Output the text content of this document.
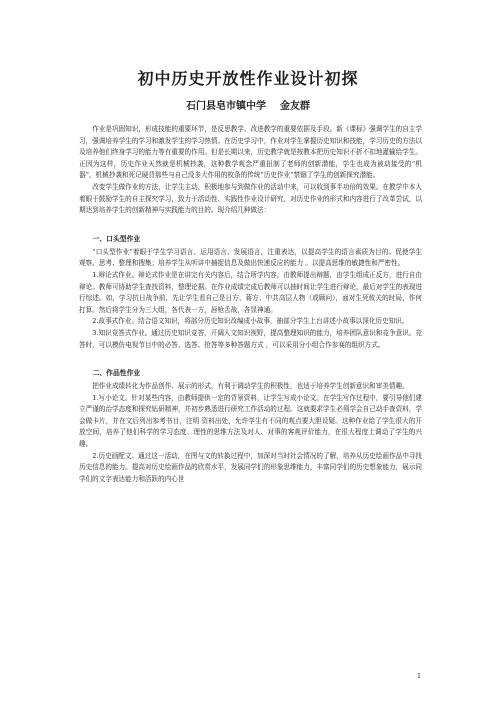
初中历史开放性作业设计初探
石门县皂市镇中学 金友群

作业是巩固知识，形成技能的重要环节，是反思教学、改进教学的重要依据及手段。新《课标》强调学生的自主学习，强调培养学生的学习和激发学生的学习热情。在历史学习中，作业对学生掌握历史知识和技能，学习历史的方法以及培养他们终身学习的能力等有重要的作用。但是长期以来，历史教学就是按教本把历史知识不折不扣地灌输给学生。正因为这样，历史作业天然就是机械抄袭，这种教学观念严重扭制了老师的创新潜能，学生也成为被动接受的“机器”，机械抄袭和死记硬背那些与自己没多大作用的枚条的传统“历史作业”禁锢了学生的创新探究潜能。

改变学生做作业的方法，让学生主动，积极地参与到做作业的活动中来，可以收到事半功倍的效果。在教学中本人着眼于鼓励学生的自主探究学习，致力于活动性、实践性作业设计研究，对历史作业的形式和内容进行了改革尝试，以期达到培养学生的创新精神与实践能力的目的。现介绍几种做法：

一、口头型作业

“口头型作业”着眼于学生学习语言、运用语言、发展语言，注重表达，以提高学生的语言素质为目的。促使学生观察、思考、整理和搜集；培养学生从听讲中捕捉信息及做出快速反应的能力 。以提高思维的敏捷性和严密性。

1.辩论式作业。辩论式作业是在讲完有关内容后，结合所学内容，由教师提出辩题，由学生组成正反方，进行自由辩论。教师可协助学生查找资料，整理论据。在作业成绩完成后教师可以抽时间让学生进行辩论，最后对学生的表现进行综述。如，学习抗日战争前，先让学生看自己是日方、蒋方、中共高层人物（或顾问），面对生死攸关的时局，作何打算。然后将学生分为三大组，各代表一方，唇枪舌战，各显神通。

2.故事式作业。结合语文知识，将部分历史知识改编成小故事，抽部分学生上台讲述小故事以深化历史知识。

3.知识竞答式作业。通过历史知识竞答，开阔人文知识视野，提高整理知识的能力，培养团队意识和竞争意识。竞答时，可以模仿电视节目中的必答、选答、抢答等多种答题方式 ，可以采用分小组合作参赛的组织方式。

二、作品性作业

把作业成绩转化为作品创作、展示的形式，有利于调动学生的积极性，也适于培养学生创新意识和审美情趣。

1.写小论文。针对某些内容，由教师提供一定的背景资料，让学生写成小论文。在学生写作过程中，要引导他们建立严谨的治学态度和探究钻研精神，并初步熟悉进行研究工作活动的过程。这就要求学生必须学会自己动手查资料，学会做卡片，并在文后列出参考书目，注明 资料出处，允许学生有不同的观点要大胆设疑。这种作业给了学生很大的开放空间，培养了他们科学的学习态度、理性的思维方法及对人、对事的客观评价能力，在很大程度上调动了学生的兴趣。

2.历史画配文。通过这一活动，在图与文的转换过程中，加深对当时社会情况的了解，培养从历史绘画作品中寻找历史信息的能力。提高对历史绘画作品的欣赏水平，发展同学们的形象思维能力，丰富同学们的历史想象能力，展示同学们的文字表达能力和活跃的内心世

1
